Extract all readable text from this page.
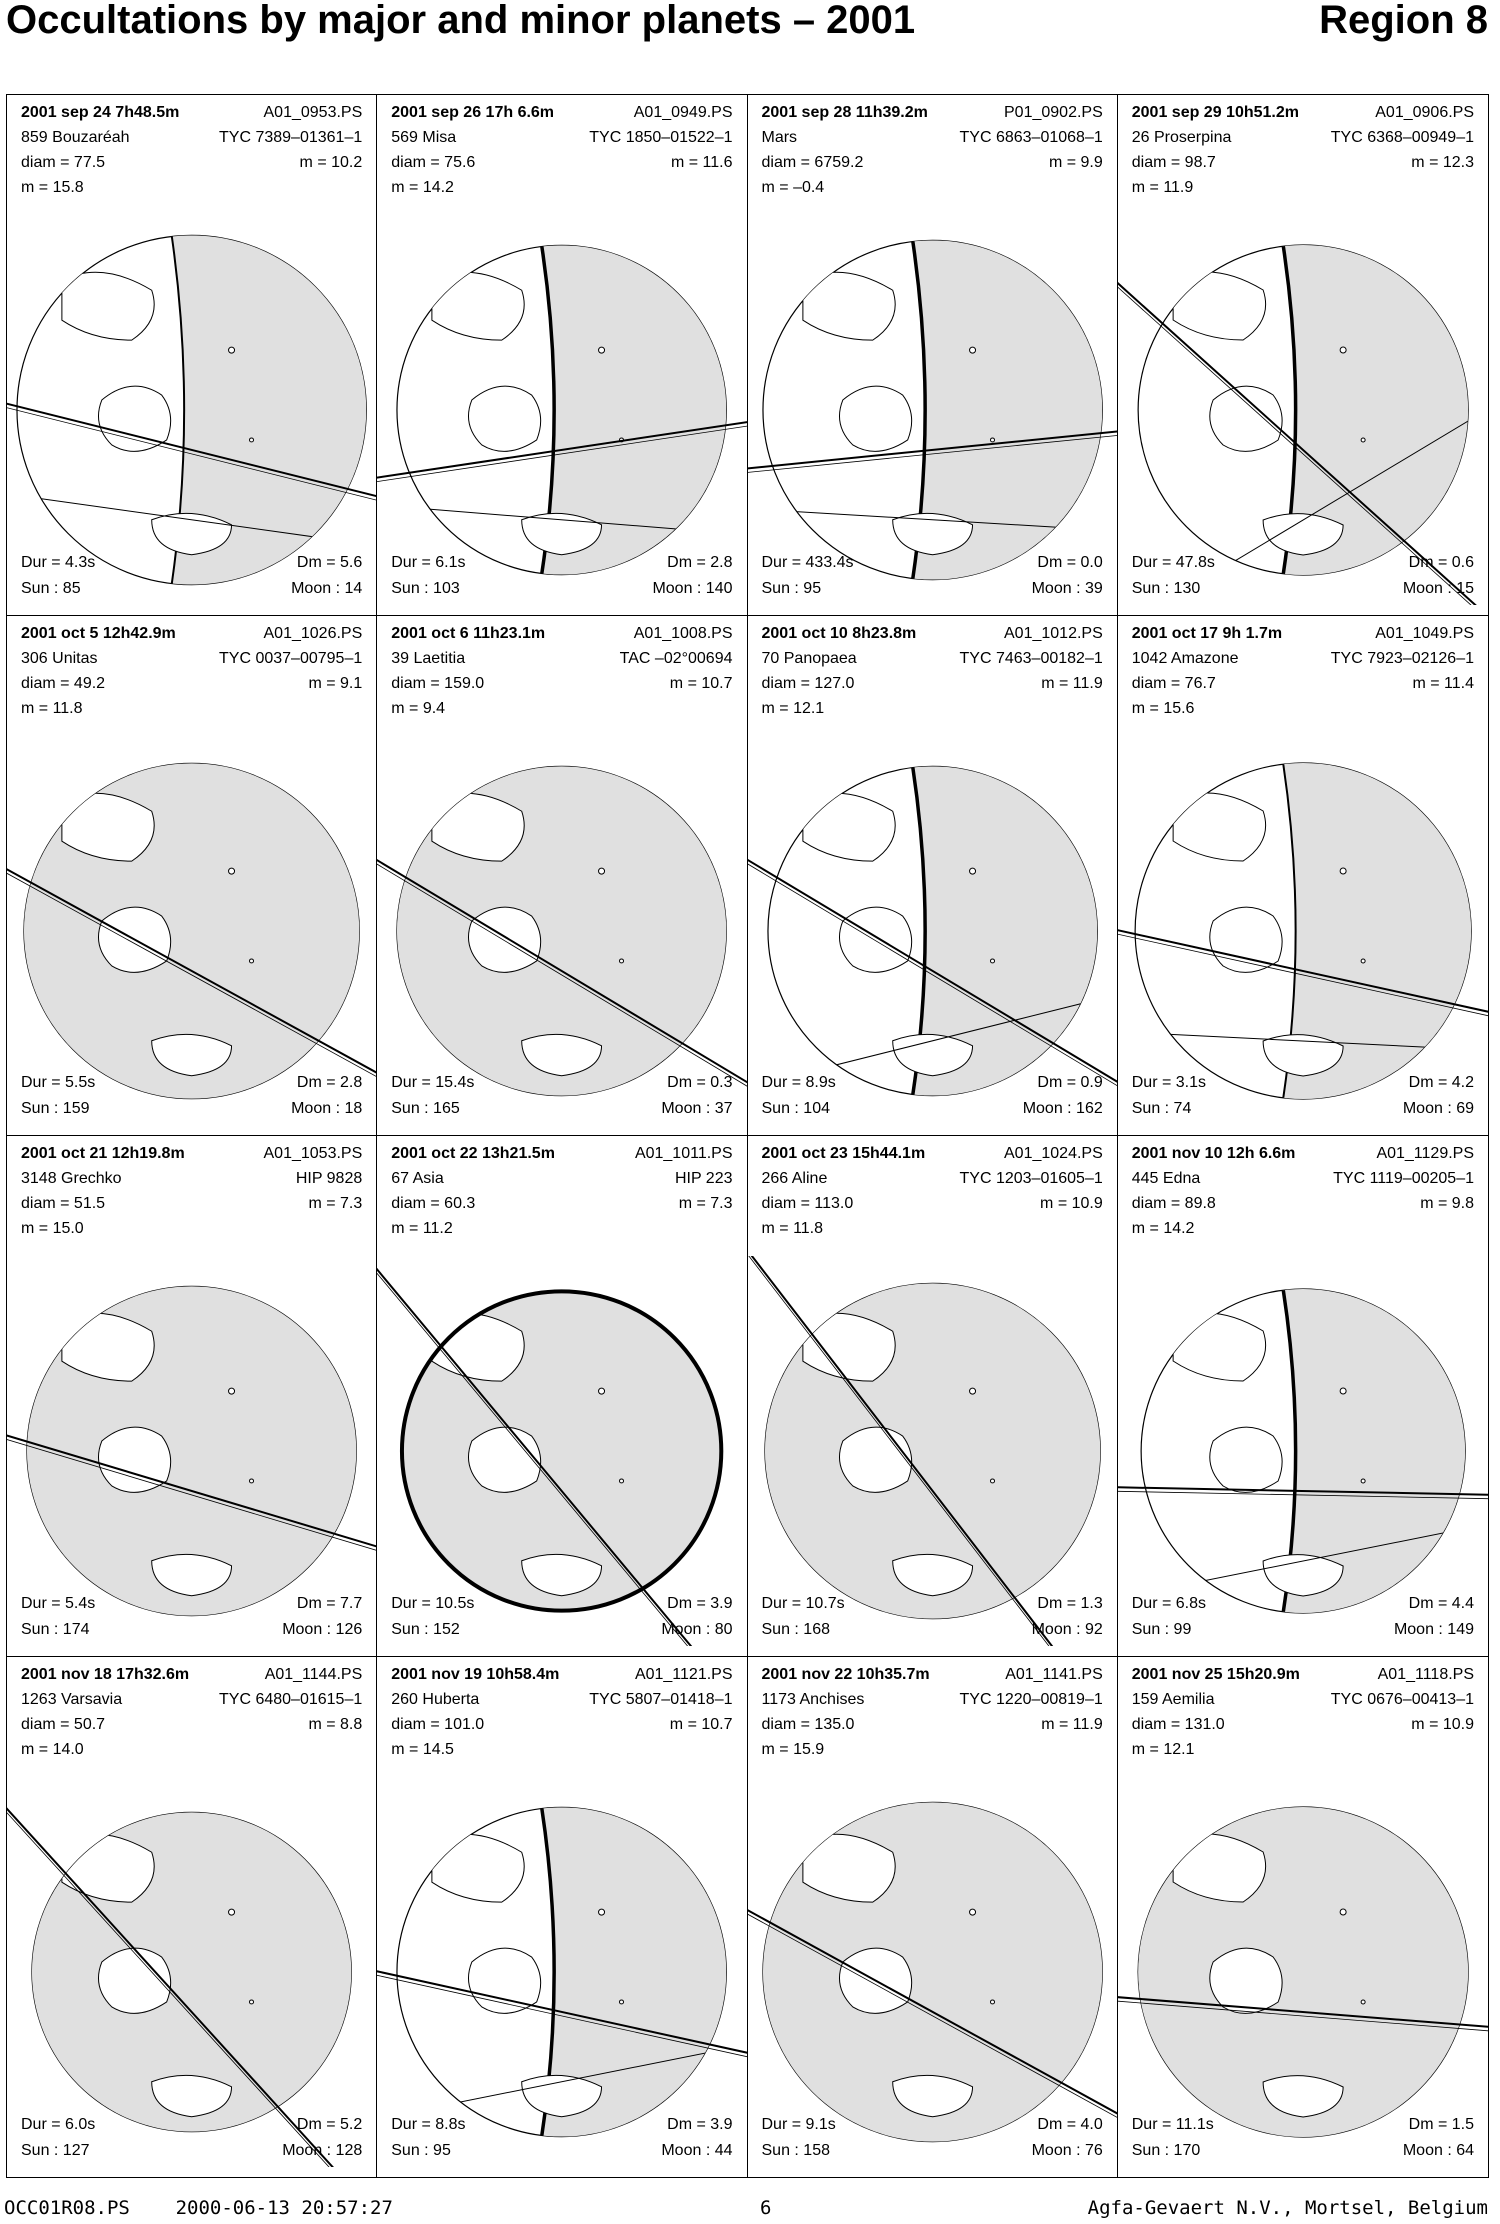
Occultations by major and minor planets – 2001	Region 8
2001 sep 24 7h48.5m	A01_0953.PS
859 Bouzaréah	TYC 7389–01361–1
diam = 77.5	m = 10.2
m = 15.8
Dur = 4.3s	Dm = 5.6
Sun : 85	Moon : 14
2001 sep 26 17h 6.6m	A01_0949.PS
569 Misa	TYC 1850–01522–1
diam = 75.6	m = 11.6
m = 14.2
Dur = 6.1s	Dm = 2.8
Sun : 103	Moon : 140
2001 sep 28 11h39.2m	P01_0902.PS
Mars	TYC 6863–01068–1
diam = 6759.2	m = 9.9
m = –0.4
Dur = 433.4s	Dm = 0.0
Sun : 95	Moon : 39
2001 sep 29 10h51.2m	A01_0906.PS
26 Proserpina	TYC 6368–00949–1
diam = 98.7	m = 12.3
m = 11.9
Dur = 47.8s	Dm = 0.6
Sun : 130	Moon : 15
2001 oct 5 12h42.9m	A01_1026.PS
306 Unitas	TYC 0037–00795–1
diam = 49.2	m = 9.1
m = 11.8
Dur = 5.5s	Dm = 2.8
Sun : 159	Moon : 18
2001 oct 6 11h23.1m	A01_1008.PS
39 Laetitia	TAC –02°00694
diam = 159.0	m = 10.7
m = 9.4
Dur = 15.4s	Dm = 0.3
Sun : 165	Moon : 37
2001 oct 10 8h23.8m	A01_1012.PS
70 Panopaea	TYC 7463–00182–1
diam = 127.0	m = 11.9
m = 12.1
Dur = 8.9s	Dm = 0.9
Sun : 104	Moon : 162
2001 oct 17 9h 1.7m	A01_1049.PS
1042 Amazone	TYC 7923–02126–1
diam = 76.7	m = 11.4
m = 15.6
Dur = 3.1s	Dm = 4.2
Sun : 74	Moon : 69
2001 oct 21 12h19.8m	A01_1053.PS
3148 Grechko	HIP 9828
diam = 51.5	m = 7.3
m = 15.0
Dur = 5.4s	Dm = 7.7
Sun : 174	Moon : 126
2001 oct 22 13h21.5m	A01_1011.PS
67 Asia	HIP 223
diam = 60.3	m = 7.3
m = 11.2
Dur = 10.5s	Dm = 3.9
Sun : 152	Moon : 80
2001 oct 23 15h44.1m	A01_1024.PS
266 Aline	TYC 1203–01605–1
diam = 113.0	m = 10.9
m = 11.8
Dur = 10.7s	Dm = 1.3
Sun : 168	Moon : 92
2001 nov 10 12h 6.6m	A01_1129.PS
445 Edna	TYC 1119–00205–1
diam = 89.8	m = 9.8
m = 14.2
Dur = 6.8s	Dm = 4.4
Sun : 99	Moon : 149
2001 nov 18 17h32.6m	A01_1144.PS
1263 Varsavia	TYC 6480–01615–1
diam = 50.7	m = 8.8
m = 14.0
Dur = 6.0s	Dm = 5.2
Sun : 127	Moon : 128
2001 nov 19 10h58.4m	A01_1121.PS
260 Huberta	TYC 5807–01418–1
diam = 101.0	m = 10.7
m = 14.5
Dur = 8.8s	Dm = 3.9
Sun : 95	Moon : 44
2001 nov 22 10h35.7m	A01_1141.PS
1173 Anchises	TYC 1220–00819–1
diam = 135.0	m = 11.9
m = 15.9
Dur = 9.1s	Dm = 4.0
Sun : 158	Moon : 76
2001 nov 25 15h20.9m	A01_1118.PS
159 Aemilia	TYC 0676–00413–1
diam = 131.0	m = 10.9
m = 12.1
Dur = 11.1s	Dm = 1.5
Sun : 170	Moon : 64
OCC01R08.PS    2000-06-13 20:57:27	6	Agfa-Gevaert N.V., Mortsel, Belgium
